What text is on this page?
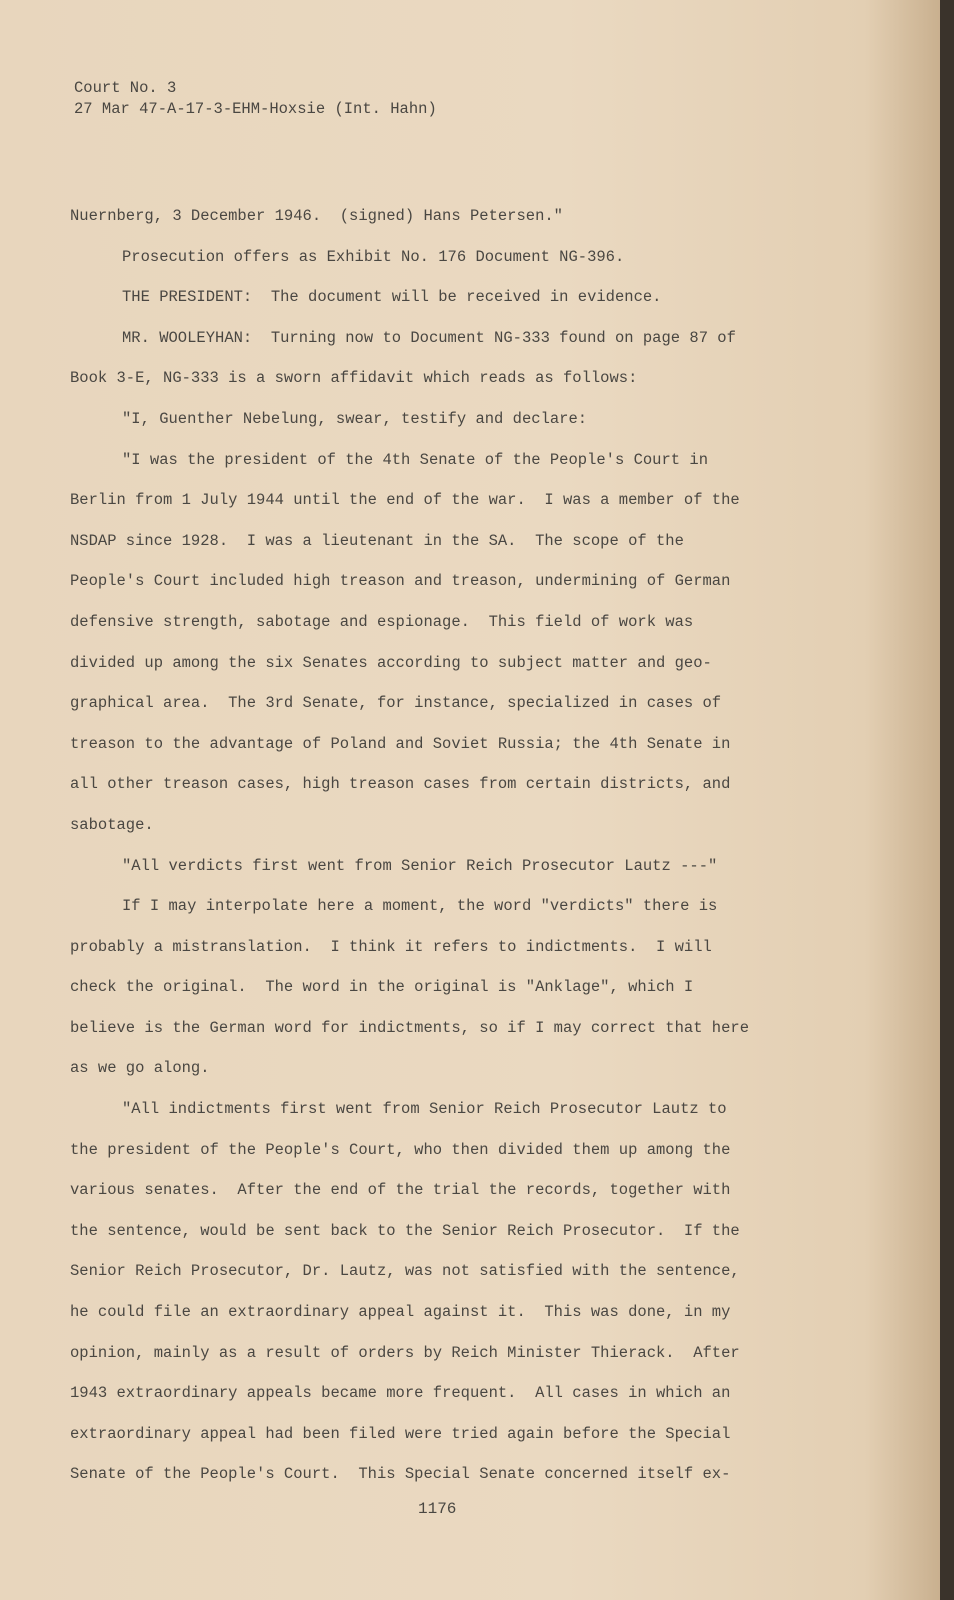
Court No. 3
27 Mar 47-A-17-3-EHM-Hoxsie (Int. Hahn)
Nuernberg, 3 December 1946.  (signed) Hans Petersen."
Prosecution offers as Exhibit No. 176 Document NG-396.
THE PRESIDENT:  The document will be received in evidence.
MR. WOOLEYHAN:  Turning now to Document NG-333 found on page 87 of
Book 3-E, NG-333 is a sworn affidavit which reads as follows:
"I, Guenther Nebelung, swear, testify and declare:
"I was the president of the 4th Senate of the People's Court in
Berlin from 1 July 1944 until the end of the war.  I was a member of the
NSDAP since 1928.  I was a lieutenant in the SA.  The scope of the
People's Court included high treason and treason, undermining of German
defensive strength, sabotage and espionage.  This field of work was
divided up among the six Senates according to subject matter and geo-
graphical area.  The 3rd Senate, for instance, specialized in cases of
treason to the advantage of Poland and Soviet Russia; the 4th Senate in
all other treason cases, high treason cases from certain districts, and
sabotage.
"All verdicts first went from Senior Reich Prosecutor Lautz ---"
If I may interpolate here a moment, the word "verdicts" there is
probably a mistranslation.  I think it refers to indictments.  I will
check the original.  The word in the original is "Anklage", which I
believe is the German word for indictments, so if I may correct that here
as we go along.
"All indictments first went from Senior Reich Prosecutor Lautz to
the president of the People's Court, who then divided them up among the
various senates.  After the end of the trial the records, together with
the sentence, would be sent back to the Senior Reich Prosecutor.  If the
Senior Reich Prosecutor, Dr. Lautz, was not satisfied with the sentence,
he could file an extraordinary appeal against it.  This was done, in my
opinion, mainly as a result of orders by Reich Minister Thierack.  After
1943 extraordinary appeals became more frequent.  All cases in which an
extraordinary appeal had been filed were tried again before the Special
Senate of the People's Court.  This Special Senate concerned itself ex-
1176
